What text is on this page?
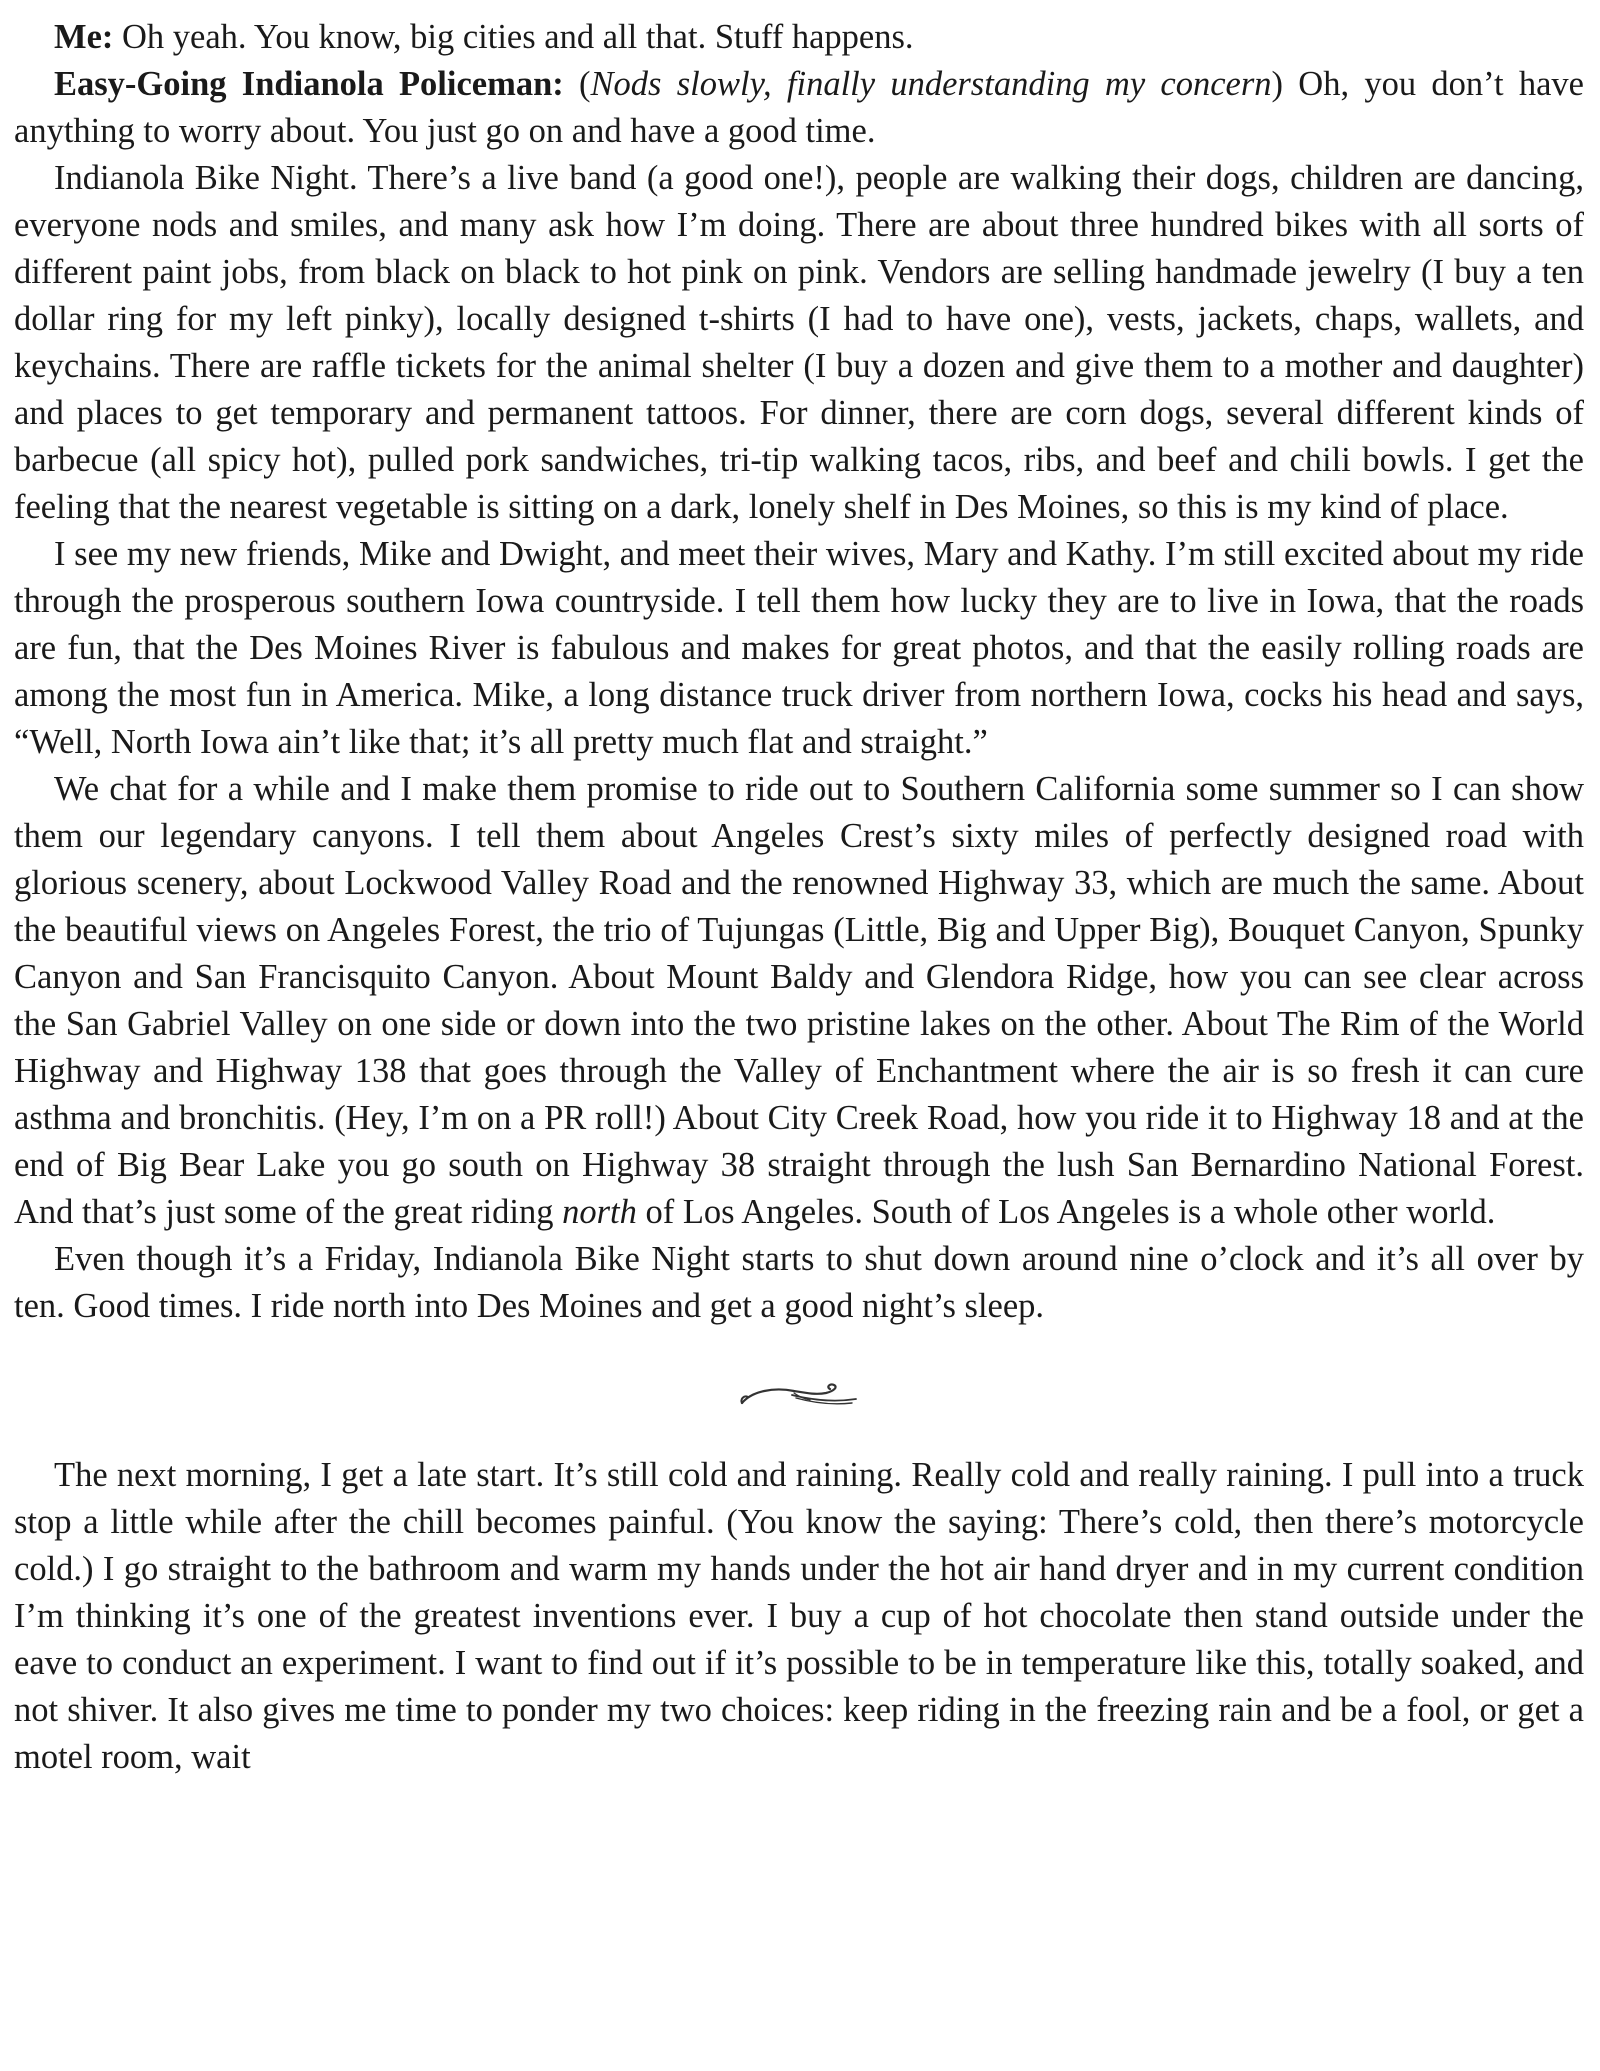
Me: Oh yeah. You know, big cities and all that. Stuff happens.

Easy-Going Indianola Policeman: (Nods slowly, finally understanding my concern) Oh, you don’t have anything to worry about. You just go on and have a good time.

Indianola Bike Night. There’s a live band (a good one!), people are walking their dogs, children are dancing, everyone nods and smiles, and many ask how I’m doing. There are about three hundred bikes with all sorts of different paint jobs, from black on black to hot pink on pink. Vendors are selling handmade jewelry (I buy a ten dollar ring for my left pinky), locally designed t-shirts (I had to have one), vests, jackets, chaps, wallets, and keychains. There are raffle tickets for the animal shelter (I buy a dozen and give them to a mother and daughter) and places to get temporary and permanent tattoos. For dinner, there are corn dogs, several different kinds of barbecue (all spicy hot), pulled pork sandwiches, tri-tip walking tacos, ribs, and beef and chili bowls. I get the feeling that the nearest vegetable is sitting on a dark, lonely shelf in Des Moines, so this is my kind of place.

I see my new friends, Mike and Dwight, and meet their wives, Mary and Kathy. I’m still excited about my ride through the prosperous southern Iowa countryside. I tell them how lucky they are to live in Iowa, that the roads are fun, that the Des Moines River is fabulous and makes for great photos, and that the easily rolling roads are among the most fun in America. Mike, a long distance truck driver from northern Iowa, cocks his head and says, “Well, North Iowa ain’t like that; it’s all pretty much flat and straight.”

We chat for a while and I make them promise to ride out to Southern California some summer so I can show them our legendary canyons. I tell them about Angeles Crest’s sixty miles of perfectly designed road with glorious scenery, about Lockwood Valley Road and the renowned Highway 33, which are much the same. About the beautiful views on Angeles Forest, the trio of Tujungas (Little, Big and Upper Big), Bouquet Canyon, Spunky Canyon and San Francisquito Canyon. About Mount Baldy and Glendora Ridge, how you can see clear across the San Gabriel Valley on one side or down into the two pristine lakes on the other. About The Rim of the World Highway and Highway 138 that goes through the Valley of Enchantment where the air is so fresh it can cure asthma and bronchitis. (Hey, I’m on a PR roll!) About City Creek Road, how you ride it to Highway 18 and at the end of Big Bear Lake you go south on Highway 38 straight through the lush San Bernardino National Forest. And that’s just some of the great riding north of Los Angeles. South of Los Angeles is a whole other world.

Even though it’s a Friday, Indianola Bike Night starts to shut down around nine o’clock and it’s all over by ten. Good times. I ride north into Des Moines and get a good night’s sleep.

The next morning, I get a late start. It’s still cold and raining. Really cold and really raining. I pull into a truck stop a little while after the chill becomes painful. (You know the saying: There’s cold, then there’s motorcycle cold.) I go straight to the bathroom and warm my hands under the hot air hand dryer and in my current condition I’m thinking it’s one of the greatest inventions ever. I buy a cup of hot chocolate then stand outside under the eave to conduct an experiment. I want to find out if it’s possible to be in temperature like this, totally soaked, and not shiver. It also gives me time to ponder my two choices: keep riding in the freezing rain and be a fool, or get a motel room, wait
